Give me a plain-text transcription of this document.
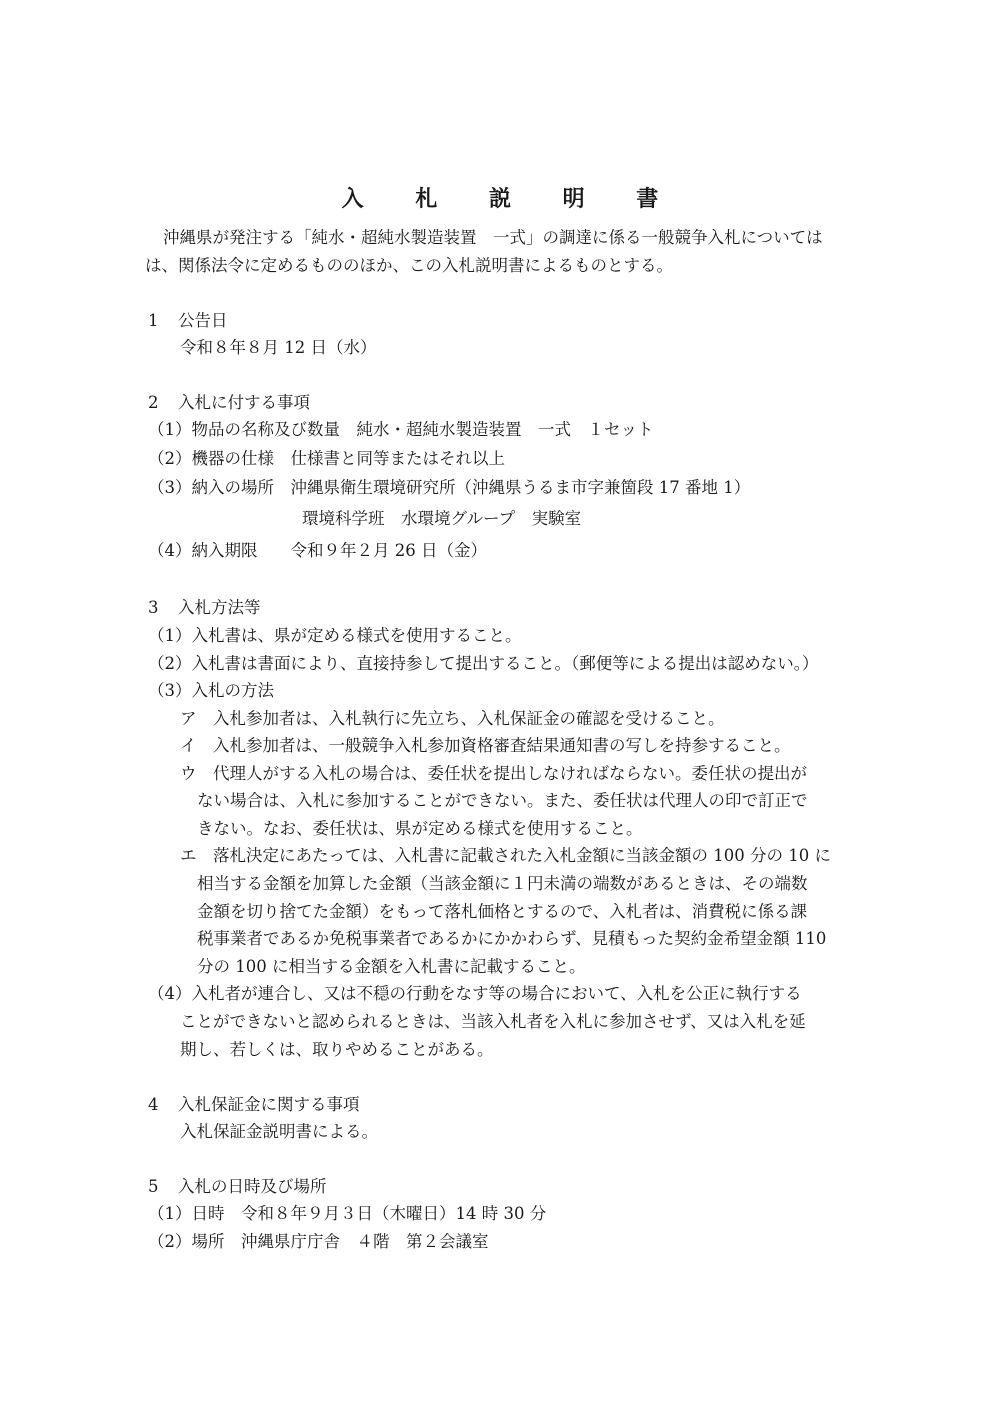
入 札 説 明 書
沖縄県が発注する「純水・超純水製造装置　一式」の調達に係る一般競争入札については
は、関係法令に定めるもののほか、この入札説明書によるものとする。
1 公告日
令和８年８月 12 日（水）
2 入札に付する事項
（1）物品の名称及び数量　純水・超純水製造装置　一式　１セット
（2）機器の仕様　仕様書と同等またはそれ以上
（3）納入の場所　沖縄県衛生環境研究所（沖縄県うるま市字兼箇段 17 番地 1）
環境科学班　水環境グループ　実験室
（4）納入期限　　令和９年２月 26 日（金）
3 入札方法等
（1）入札書は、県が定める様式を使用すること。
（2）入札書は書面により、直接持参して提出すること。（郵便等による提出は認めない。）
（3）入札の方法
ア　入札参加者は、入札執行に先立ち、入札保証金の確認を受けること。
イ　入札参加者は、一般競争入札参加資格審査結果通知書の写しを持参すること。
ウ　代理人がする入札の場合は、委任状を提出しなければならない。委任状の提出が
ない場合は、入札に参加することができない。また、委任状は代理人の印で訂正で
きない。なお、委任状は、県が定める様式を使用すること。
エ　落札決定にあたっては、入札書に記載された入札金額に当該金額の 100 分の 10 に
相当する金額を加算した金額（当該金額に１円未満の端数があるときは、その端数
金額を切り捨てた金額）をもって落札価格とするので、入札者は、消費税に係る課
税事業者であるか免税事業者であるかにかかわらず、見積もった契約金希望金額 110
分の 100 に相当する金額を入札書に記載すること。
（4）入札者が連合し、又は不穏の行動をなす等の場合において、入札を公正に執行する
ことができないと認められるときは、当該入札者を入札に参加させず、又は入札を延
期し、若しくは、取りやめることがある。
4 入札保証金に関する事項
入札保証金説明書による。
5 入札の日時及び場所
（1）日時　令和８年９月３日（木曜日）14 時 30 分
（2）場所　沖縄県庁庁舎　４階　第２会議室
